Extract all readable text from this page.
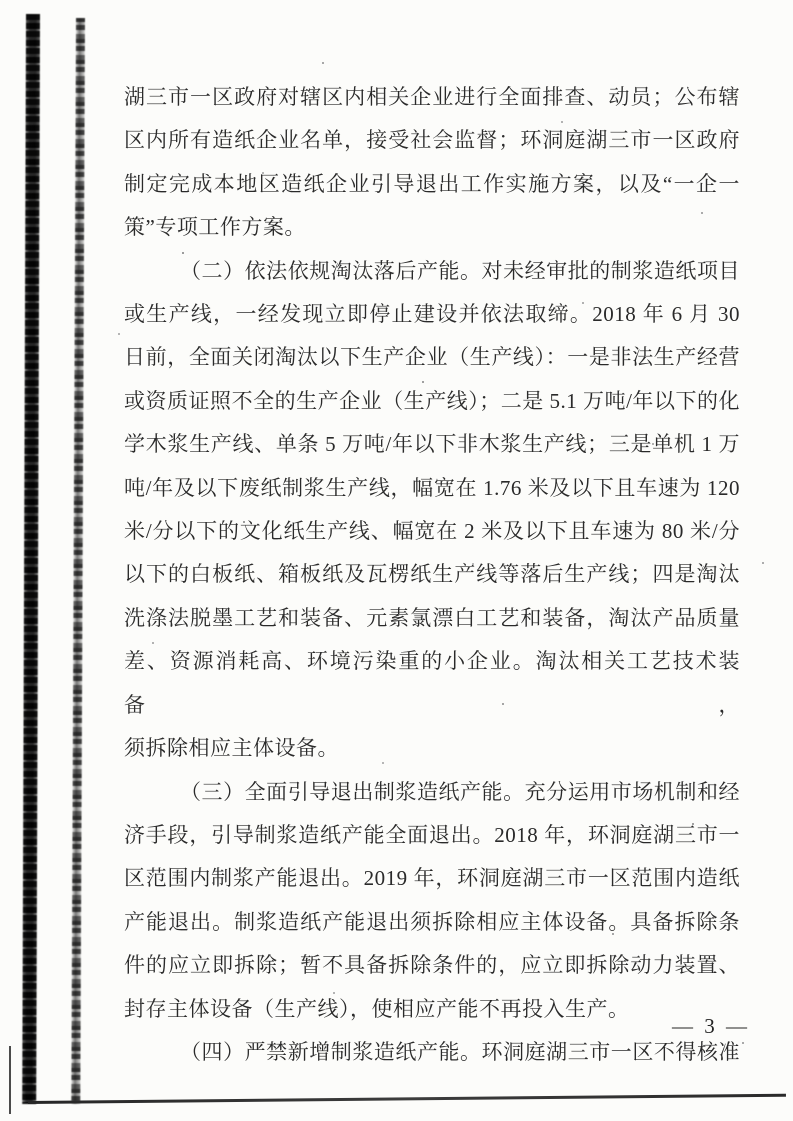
湖三市一区政府对辖区内相关企业进行全面排查、动员；公布辖
区内所有造纸企业名单，接受社会监督；环洞庭湖三市一区政府
制定完成本地区造纸企业引导退出工作实施方案，以及“一企一
策”专项工作方案。
（二）依法依规淘汰落后产能。对未经审批的制浆造纸项目
或生产线，一经发现立即停止建设并依法取缔。2018 年 6 月 30
日前，全面关闭淘汰以下生产企业（生产线）：一是非法生产经营
或资质证照不全的生产企业（生产线）；二是 5.1 万吨/年以下的化
学木浆生产线、单条 5 万吨/年以下非木浆生产线；三是单机 1 万
吨/年及以下废纸制浆生产线，幅宽在 1.76 米及以下且车速为 120
米/分以下的文化纸生产线、幅宽在 2 米及以下且车速为 80 米/分
以下的白板纸、箱板纸及瓦楞纸生产线等落后生产线；四是淘汰
洗涤法脱墨工艺和装备、元素氯漂白工艺和装备，淘汰产品质量
差、资源消耗高、环境污染重的小企业。淘汰相关工艺技术装备，
须拆除相应主体设备。
（三）全面引导退出制浆造纸产能。充分运用市场机制和经
济手段，引导制浆造纸产能全面退出。2018 年，环洞庭湖三市一
区范围内制浆产能退出。2019 年，环洞庭湖三市一区范围内造纸
产能退出。制浆造纸产能退出须拆除相应主体设备。具备拆除条
件的应立即拆除；暂不具备拆除条件的，应立即拆除动力装置、
封存主体设备（生产线），使相应产能不再投入生产。
（四）严禁新增制浆造纸产能。环洞庭湖三市一区不得核准
— 3 —
